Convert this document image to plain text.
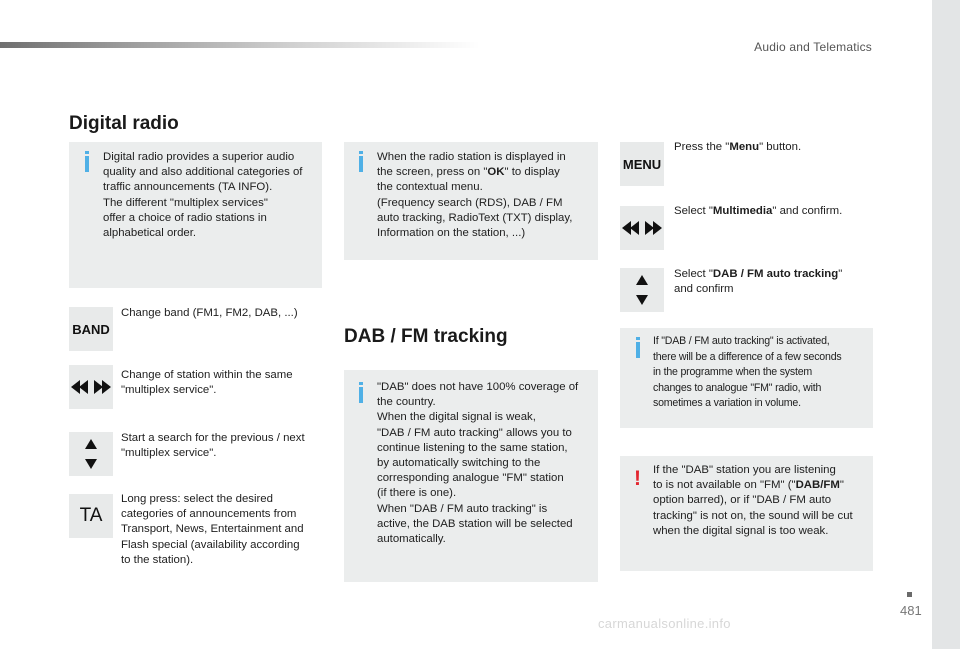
Audio and Telematics
481
Digital radio
Digital radio provides a superior audio
quality and also additional categories of
traffic announcements (TA INFO).
The different "multiplex services"
offer a choice of radio stations in
alphabetical order.
BAND
Change band (FM1, FM2, DAB, ...)
Change of station within the same
"multiplex service".
Start a search for the previous / next
"multiplex service".
TA
Long press: select the desired
categories of announcements from
Transport, News, Entertainment and
Flash special (availability according
to the station).
When the radio station is displayed in
the screen, press on "OK" to display
the contextual menu.
(Frequency search (RDS), DAB / FM
auto tracking, RadioText (TXT) display,
Information on the station, ...)
DAB / FM tracking
"DAB" does not have 100% coverage of
the country.
When the digital signal is weak,
"DAB / FM auto tracking" allows you to
continue listening to the same station,
by automatically switching to the
corresponding analogue "FM" station
(if there is one).
When "DAB / FM auto tracking" is
active, the DAB station will be selected
automatically.
MENU
Press the "Menu" button.
Select "Multimedia" and confirm.
Select "DAB / FM auto tracking"
and confirm
If "DAB / FM auto tracking" is activated,
there will be a difference of a few seconds
in the programme when the system
changes to analogue "FM" radio, with
sometimes a variation in volume.
! If the "DAB" station you are listening
to is not available on "FM" ("DAB/FM"
option barred), or if "DAB / FM auto
tracking" is not on, the sound will be cut
when the digital signal is too weak.
carmanualsonline.info
